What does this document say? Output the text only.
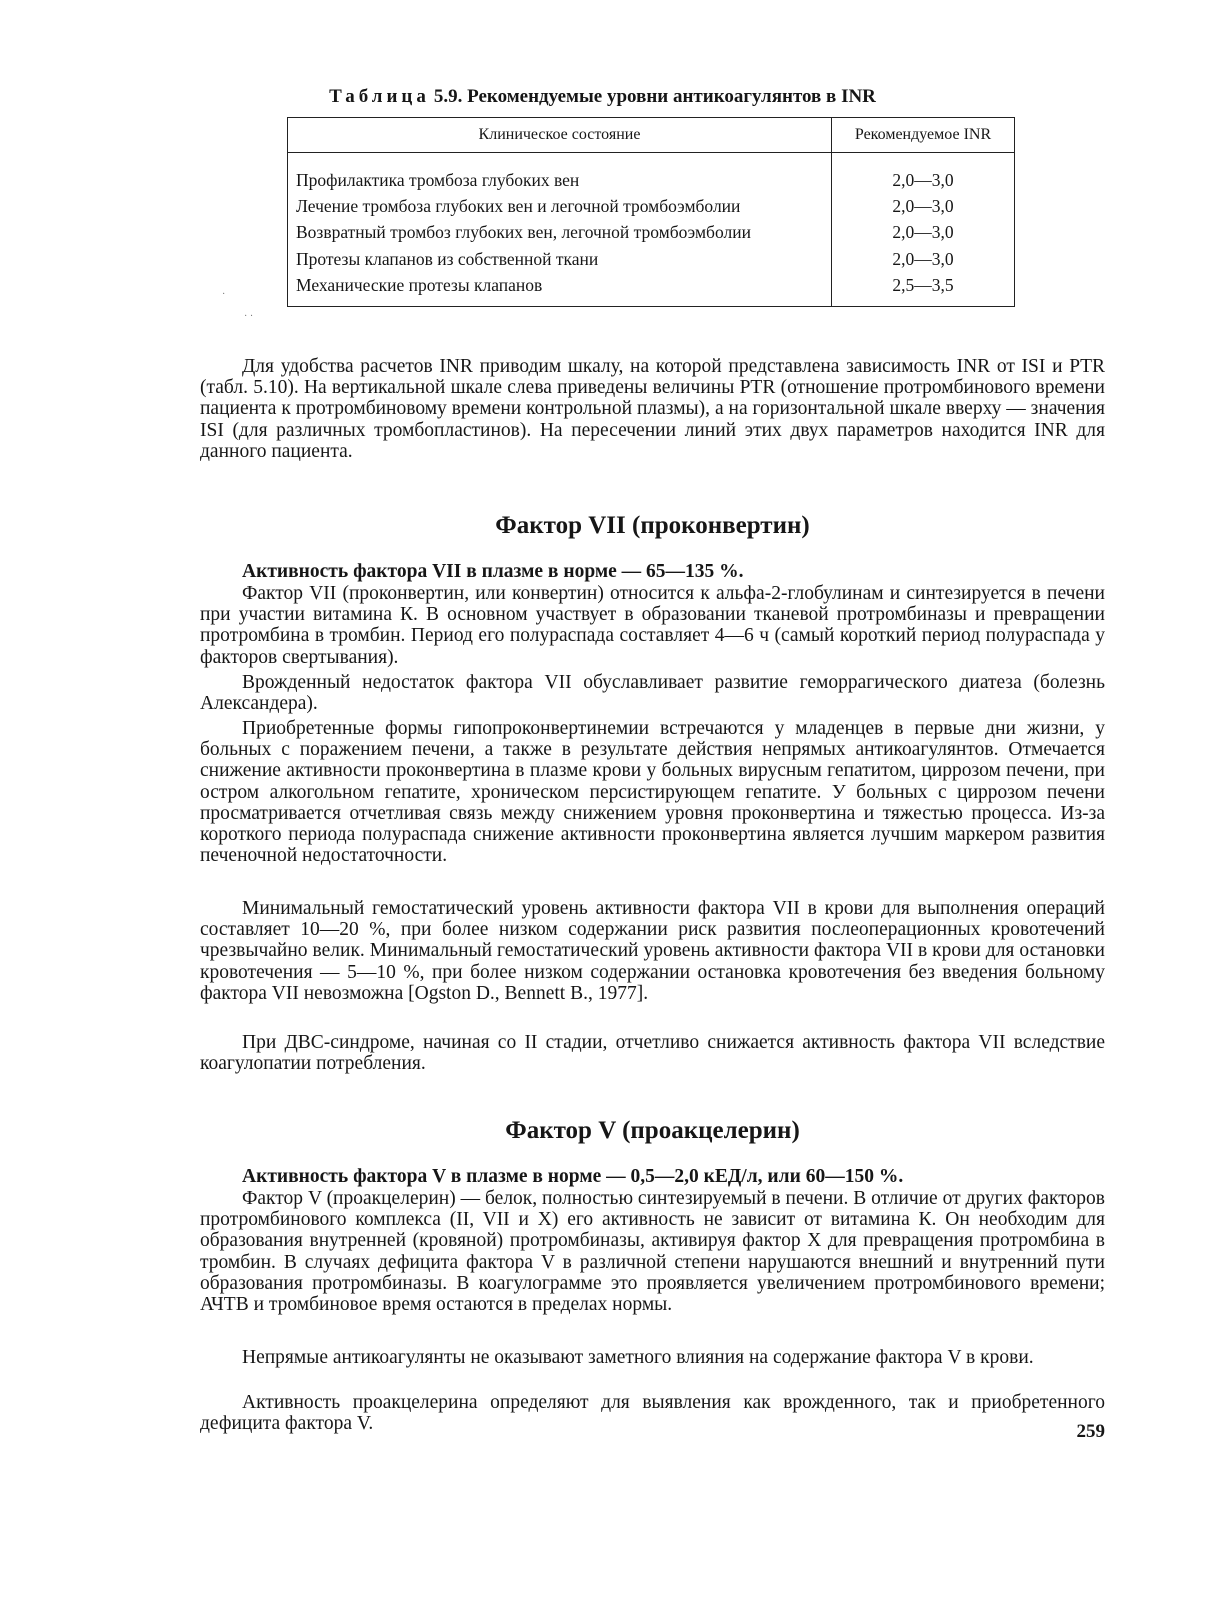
Таблица 5.9. Рекомендуемые уровни антикоагулянтов в INR
Клиническое состояние	Рекомендуемое INR
Профилактика тромбоза глубоких вен	2,0—3,0
Лечение тромбоза глубоких вен и легочной тромбоэмболии	2,0—3,0
Возвратный тромбоз глубоких вен, легочной тромбоэмболии	2,0—3,0
Протезы клапанов из собственной ткани	2,0—3,0
Механические протезы клапанов	2,5—3,5
·
· ·
Для удобства расчетов INR приводим шкалу, на которой представлена зависимость INR от ISI и PTR (табл. 5.10). На вертикальной шкале слева приведены величины PTR (отношение протромбинового времени пациента к протромбиновому времени контрольной плазмы), а на горизонтальной шкале вверху — значения ISI (для различных тромбопластинов). На пересечении линий этих двух параметров находится INR для данного пациента.
Фактор VII (проконвертин)
Активность фактора VII в плазме в норме — 65—135 %.
Фактор VII (проконвертин, или конвертин) относится к альфа-2-глобулинам и синтезируется в печени при участии витамина К. В основном участвует в образовании тканевой протромбиназы и превращении протромбина в тромбин. Период его полураспада составляет 4—6 ч (самый короткий период полураспада у факторов свертывания).
Врожденный недостаток фактора VII обуславливает развитие геморрагического диатеза (болезнь Александера).
Приобретенные формы гипопроконвертинемии встречаются у младенцев в первые дни жизни, у больных с поражением печени, а также в результате действия непрямых антикоагулянтов. Отмечается снижение активности проконвертина в плазме крови у больных вирусным гепатитом, циррозом печени, при остром алкогольном гепатите, хроническом персистирующем гепатите. У больных с циррозом печени просматривается отчетливая связь между снижением уровня проконвертина и тяжестью процесса. Из-за короткого периода полураспада снижение активности проконвертина является лучшим маркером развития печеночной недостаточности.
Минимальный гемостатический уровень активности фактора VII в крови для выполнения операций составляет 10—20 %, при более низком содержании риск развития послеоперационных кровотечений чрезвычайно велик. Минимальный гемостатический уровень активности фактора VII в крови для остановки кровотечения — 5—10 %, при более низком содержании остановка кровотечения без введения больному фактора VII невозможна [Ogston D., Bennett B., 1977].
При ДВС-синдроме, начиная со II стадии, отчетливо снижается активность фактора VII вследствие коагулопатии потребления.
Фактор V (проакцелерин)
Активность фактора V в плазме в норме — 0,5—2,0 кЕД/л, или 60—150 %.
Фактор V (проакцелерин) — белок, полностью синтезируемый в печени. В отличие от других факторов протромбинового комплекса (II, VII и X) его активность не зависит от витамина К. Он необходим для образования внутренней (кровяной) протромбиназы, активируя фактор X для превращения протромбина в тромбин. В случаях дефицита фактора V в различной степени нарушаются внешний и внутренний пути образования протромбиназы. В коагулограмме это проявляется увеличением протромбинового времени; АЧТВ и тромбиновое время остаются в пределах нормы.
Непрямые антикоагулянты не оказывают заметного влияния на содержание фактора V в крови.
Активность проакцелерина определяют для выявления как врожденного, так и приобретенного дефицита фактора V.	259
